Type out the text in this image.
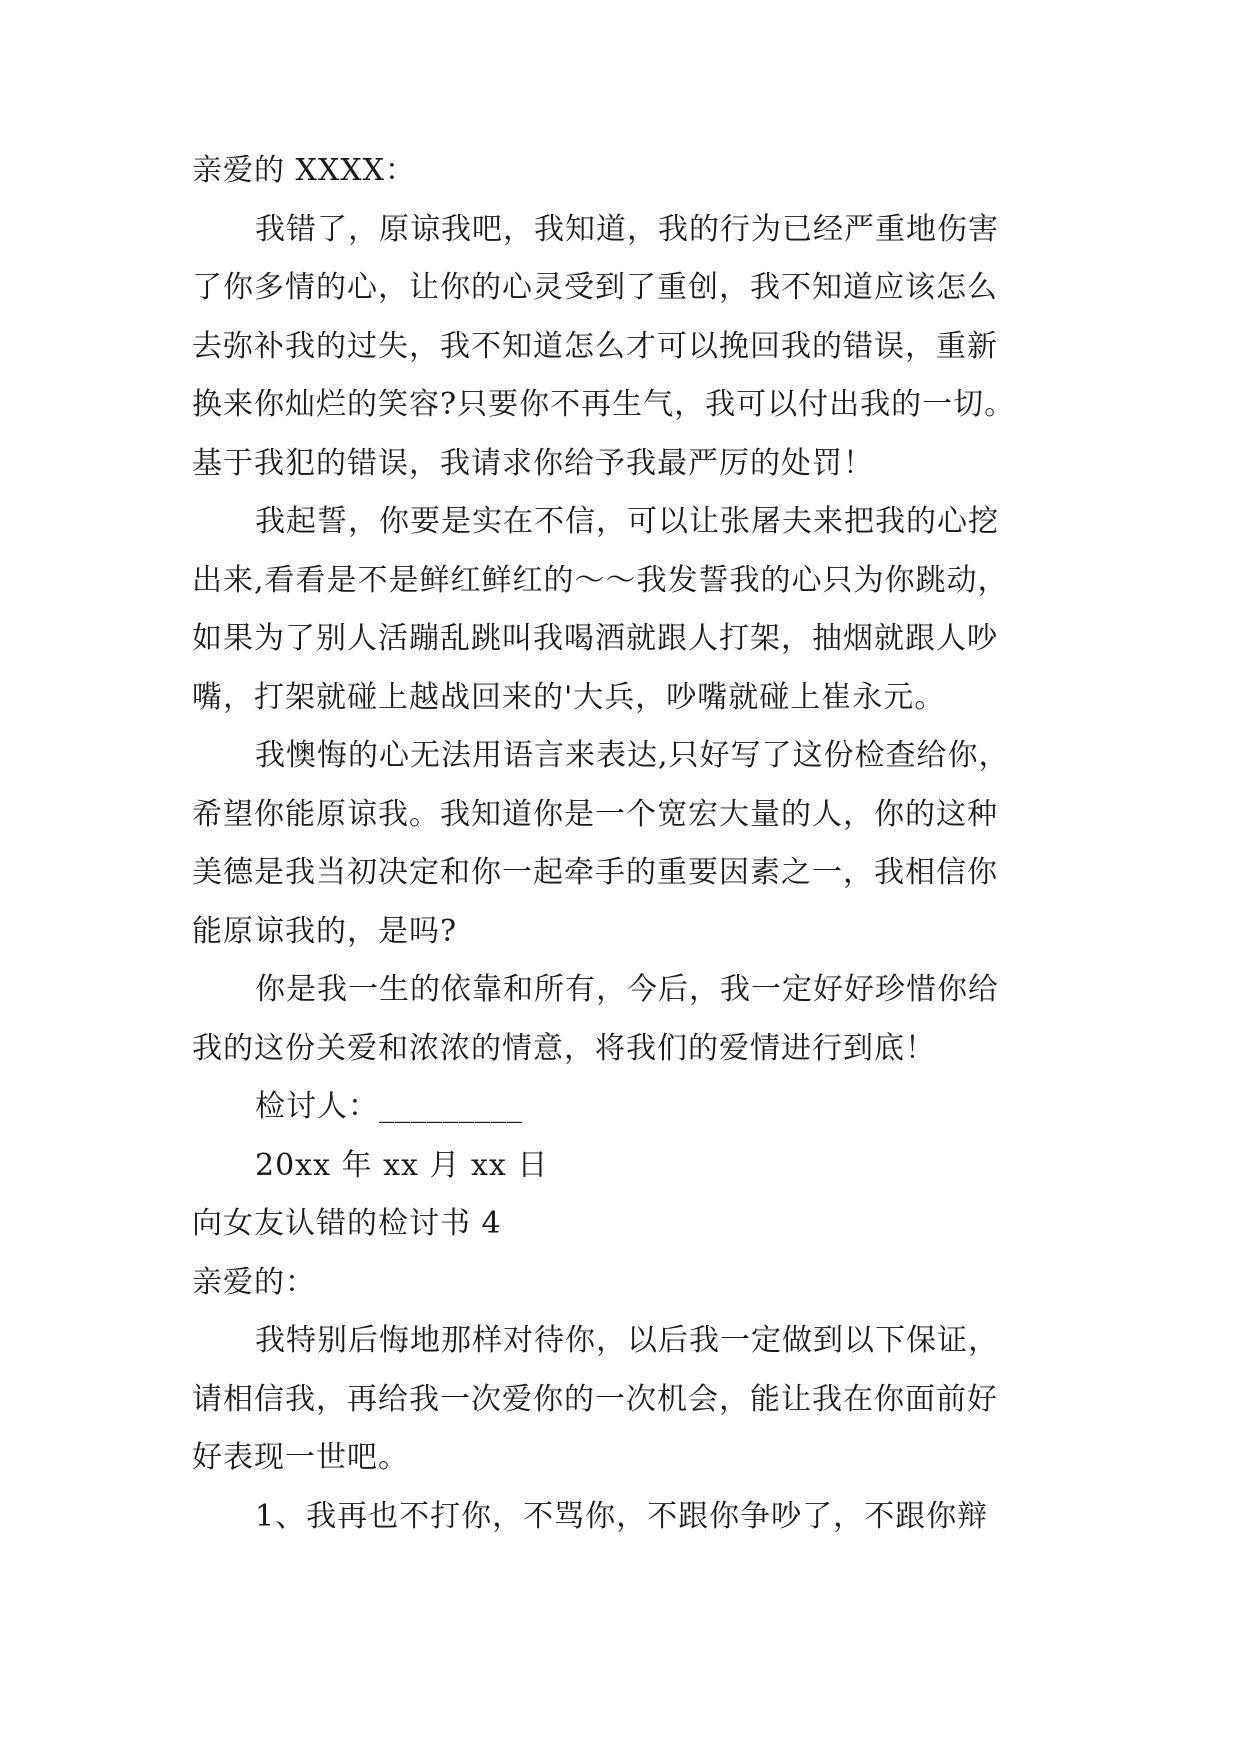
亲爱的 XXXX：
我错了，原谅我吧，我知道，我的行为已经严重地伤害
了你多情的心，让你的心灵受到了重创，我不知道应该怎么
去弥补我的过失，我不知道怎么才可以挽回我的错误，重新
换来你灿烂的笑容?只要你不再生气，我可以付出我的一切。
基于我犯的错误，我请求你给予我最严厉的处罚！
我起誓，你要是实在不信，可以让张屠夫来把我的心挖
出来,看看是不是鲜红鲜红的～～我发誓我的心只为你跳动，
如果为了别人活蹦乱跳叫我喝酒就跟人打架，抽烟就跟人吵
嘴，打架就碰上越战回来的'大兵，吵嘴就碰上崔永元。
我懊悔的心无法用语言来表达,只好写了这份检查给你，
希望你能原谅我。我知道你是一个宽宏大量的人，你的这种
美德是我当初决定和你一起牵手的重要因素之一，我相信你
能原谅我的，是吗?
你是我一生的依靠和所有，今后，我一定好好珍惜你给
我的这份关爱和浓浓的情意，将我们的爱情进行到底！
检讨人：_________
20xx 年 xx 月 xx 日
向女友认错的检讨书 4
亲爱的：
我特别后悔地那样对待你，以后我一定做到以下保证，
请相信我，再给我一次爱你的一次机会，能让我在你面前好
好表现一世吧。
1、我再也不打你，不骂你，不跟你争吵了，不跟你辩
